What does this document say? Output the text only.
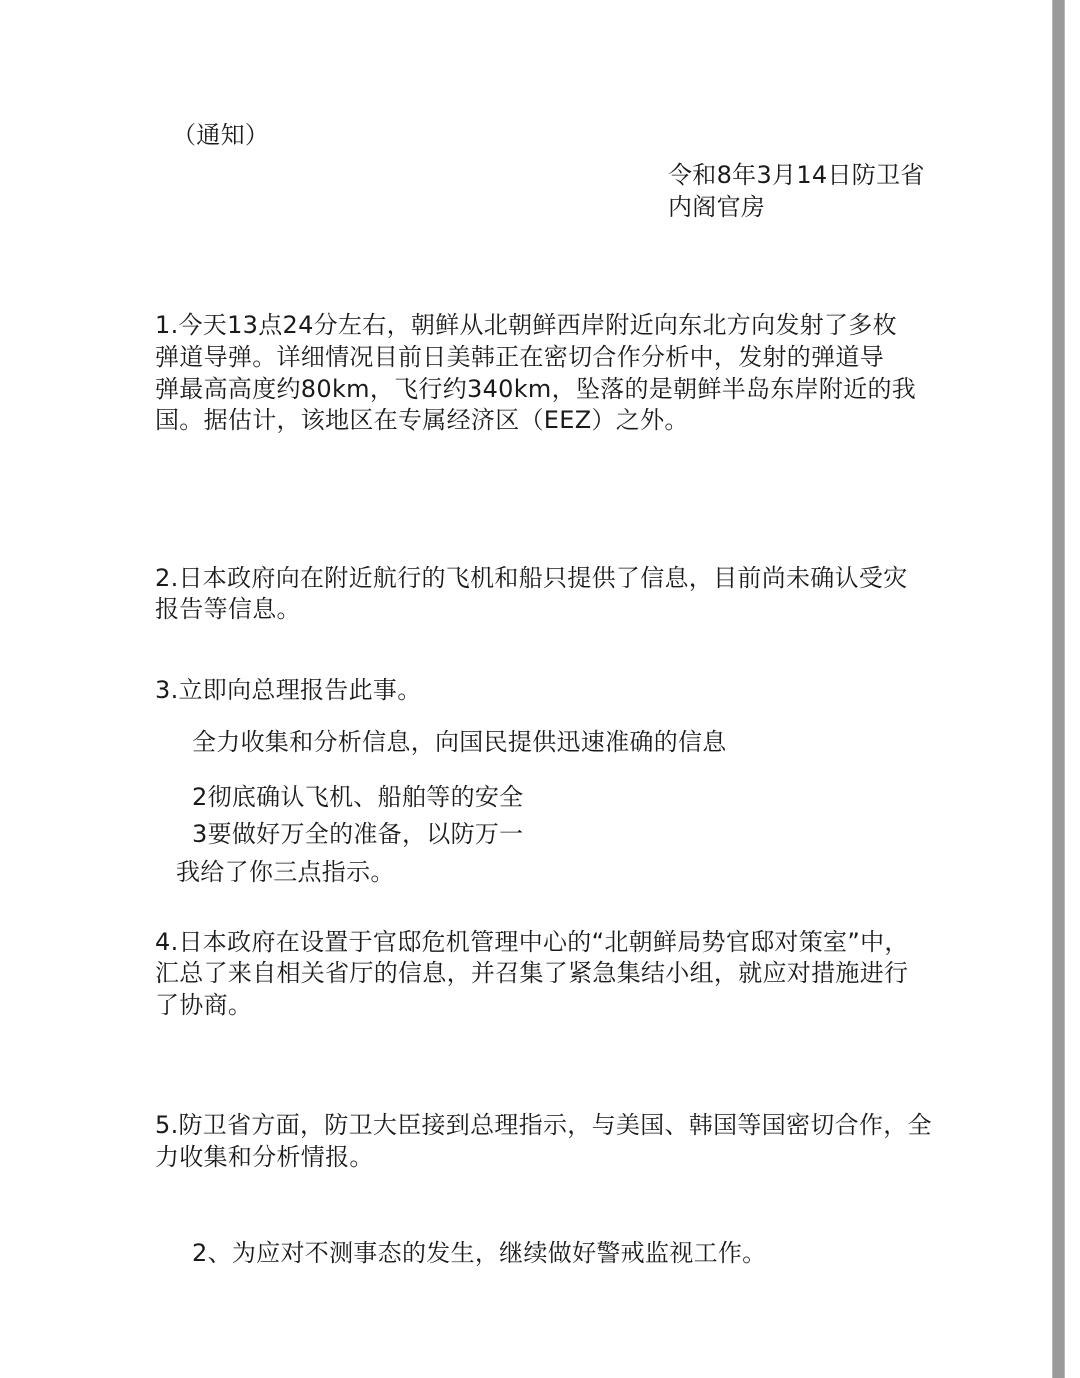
（通知）
令和8年3月14日防卫省
内阁官房
1.今天13点24分左右，朝鲜从北朝鲜西岸附近向东北方向发射了多枚
弹道导弹。详细情况目前日美韩正在密切合作分析中，发射的弹道导
弹最高高度约80km，飞行约340km，坠落的是朝鲜半岛东岸附近的我
国。据估计，该地区在专属经济区（EEZ）之外。
2.日本政府向在附近航行的飞机和船只提供了信息，目前尚未确认受灾
报告等信息。
3.立即向总理报告此事。
全力收集和分析信息，向国民提供迅速准确的信息
2彻底确认飞机、船舶等的安全
3要做好万全的准备，以防万一
我给了你三点指示。
4.日本政府在设置于官邸危机管理中心的“北朝鲜局势官邸对策室”中，
汇总了来自相关省厅的信息，并召集了紧急集结小组，就应对措施进行
了协商。
5.防卫省方面，防卫大臣接到总理指示，与美国、韩国等国密切合作，全
力收集和分析情报。
2、为应对不测事态的发生，继续做好警戒监视工作。
